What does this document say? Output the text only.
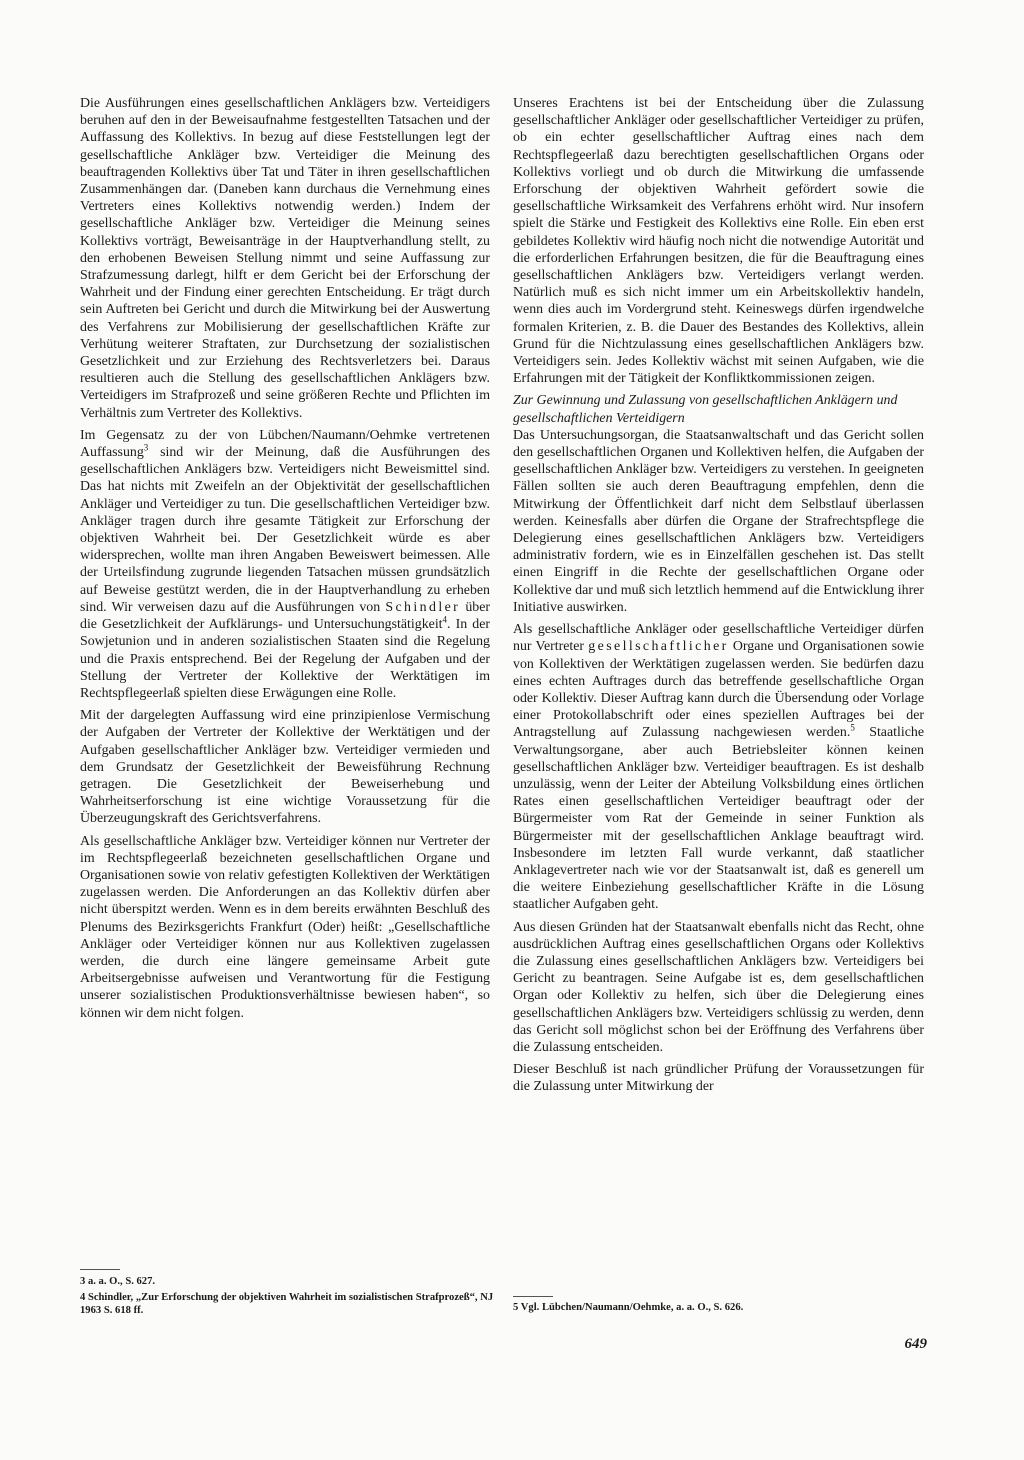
Die Ausführungen eines gesellschaftlichen Anklägers bzw. Verteidigers beruhen auf den in der Beweisaufnahme festgestellten Tatsachen und der Auffassung des Kollektivs. In bezug auf diese Feststellungen legt der gesellschaftliche Ankläger bzw. Verteidiger die Meinung des beauftragenden Kollektivs über Tat und Täter in ihren gesellschaftlichen Zusammenhängen dar. (Daneben kann durchaus die Vernehmung eines Vertreters eines Kollektivs notwendig werden.) Indem der gesellschaftliche Ankläger bzw. Verteidiger die Meinung seines Kollektivs vorträgt, Beweisanträge in der Hauptverhandlung stellt, zu den erhobenen Beweisen Stellung nimmt und seine Auffassung zur Strafzumessung darlegt, hilft er dem Gericht bei der Erforschung der Wahrheit und der Findung einer gerechten Entscheidung. Er trägt durch sein Auftreten bei Gericht und durch die Mitwirkung bei der Auswertung des Verfahrens zur Mobilisierung der gesellschaftlichen Kräfte zur Verhütung weiterer Straftaten, zur Durchsetzung der sozialistischen Gesetzlichkeit und zur Erziehung des Rechtsverletzers bei. Daraus resultieren auch die Stellung des gesellschaftlichen Anklägers bzw. Verteidigers im Strafprozeß und seine größeren Rechte und Pflichten im Verhältnis zum Vertreter des Kollektivs.

Im Gegensatz zu der von Lübchen/Naumann/Oehmke vertretenen Auffassung$^3$ sind wir der Meinung, daß die Ausführungen des gesellschaftlichen Anklägers bzw. Verteidigers nicht Beweismittel sind. Das hat nichts mit Zweifeln an der Objektivität der gesellschaftlichen Ankläger und Verteidiger zu tun. Die gesellschaftlichen Verteidiger bzw. Ankläger tragen durch ihre gesamte Tätigkeit zur Erforschung der objektiven Wahrheit bei. Der Gesetzlichkeit würde es aber widersprechen, wollte man ihren Angaben Beweiswert beimessen. Alle der Urteilsfindung zugrunde liegenden Tatsachen müssen grundsätzlich auf Beweise gestützt werden, die in der Hauptverhandlung zu erheben sind. Wir verweisen dazu auf die Ausführungen von Schindler über die Gesetzlichkeit der Aufklärungs- und Untersuchungstätigkeit$^4$. In der Sowjetunion und in anderen sozialistischen Staaten sind die Regelung und die Praxis entsprechend. Bei der Regelung der Aufgaben und der Stellung der Vertreter der Kollektive der Werktätigen im Rechtspflegeerlaß spielten diese Erwägungen eine Rolle.

Mit der dargelegten Auffassung wird eine prinzipienlose Vermischung der Aufgaben der Vertreter der Kollektive der Werktätigen und der Aufgaben gesellschaftlicher Ankläger bzw. Verteidiger vermieden und dem Grundsatz der Gesetzlichkeit der Beweisführung Rechnung getragen. Die Gesetzlichkeit der Beweiserhebung und Wahrheitserforschung ist eine wichtige Voraussetzung für die Überzeugungskraft des Gerichtsverfahrens.

Als gesellschaftliche Ankläger bzw. Verteidiger können nur Vertreter der im Rechtspflegeerlaß bezeichneten gesellschaftlichen Organe und Organisationen sowie von relativ gefestigten Kollektiven der Werktätigen zugelassen werden. Die Anforderungen an das Kollektiv dürfen aber nicht überspitzt werden. Wenn es in dem bereits erwähnten Beschluß des Plenums des Bezirksgerichts Frankfurt (Oder) heißt: „Gesellschaftliche Ankläger oder Verteidiger können nur aus Kollektiven zugelassen werden, die durch eine längere gemeinsame Arbeit gute Arbeitsergebnisse aufweisen und Verantwortung für die Festigung unserer sozialistischen Produktionsverhältnisse bewiesen haben“, so können wir dem nicht folgen.

Unseres Erachtens ist bei der Entscheidung über die Zulassung gesellschaftlicher Ankläger oder gesellschaftlicher Verteidiger zu prüfen, ob ein echter gesellschaftlicher Auftrag eines nach dem Rechtspflegeerlaß dazu berechtigten gesellschaftlichen Organs oder Kollektivs vorliegt und ob durch die Mitwirkung die umfassende Erforschung der objektiven Wahrheit gefördert sowie die gesellschaftliche Wirksamkeit des Verfahrens erhöht wird. Nur insofern spielt die Stärke und Festigkeit des Kollektivs eine Rolle. Ein eben erst gebildetes Kollektiv wird häufig noch nicht die notwendige Autorität und die erforderlichen Erfahrungen besitzen, die für die Beauftragung eines gesellschaftlichen Anklägers bzw. Verteidigers verlangt werden. Natürlich muß es sich nicht immer um ein Arbeitskollektiv handeln, wenn dies auch im Vordergrund steht. Keineswegs dürfen irgendwelche formalen Kriterien, z. B. die Dauer des Bestandes des Kollektivs, allein Grund für die Nichtzulassung eines gesellschaftlichen Anklägers bzw. Verteidigers sein. Jedes Kollektiv wächst mit seinen Aufgaben, wie die Erfahrungen mit der Tätigkeit der Konfliktkommissionen zeigen.

Zur Gewinnung und Zulassung von gesellschaftlichen Anklägern und gesellschaftlichen Verteidigern

Das Untersuchungsorgan, die Staatsanwaltschaft und das Gericht sollen den gesellschaftlichen Organen und Kollektiven helfen, die Aufgaben der gesellschaftlichen Ankläger bzw. Verteidigers zu verstehen. In geeigneten Fällen sollten sie auch deren Beauftragung empfehlen, denn die Mitwirkung der Öffentlichkeit darf nicht dem Selbstlauf überlassen werden. Keinesfalls aber dürfen die Organe der Strafrechtspflege die Delegierung eines gesellschaftlichen Anklägers bzw. Verteidigers administrativ fordern, wie es in Einzelfällen geschehen ist. Das stellt einen Eingriff in die Rechte der gesellschaftlichen Organe oder Kollektive dar und muß sich letztlich hemmend auf die Entwicklung ihrer Initiative auswirken.

Als gesellschaftliche Ankläger oder gesellschaftliche Verteidiger dürfen nur Vertreter gesellschaftlicher Organe und Organisationen sowie von Kollektiven der Werktätigen zugelassen werden. Sie bedürfen dazu eines echten Auftrages durch das betreffende gesellschaftliche Organ oder Kollektiv. Dieser Auftrag kann durch die Übersendung oder Vorlage einer Protokollabschrift oder eines speziellen Auftrages bei der Antragstellung auf Zulassung nachgewiesen werden.$^5$ Staatliche Verwaltungsorgane, aber auch Betriebsleiter können keinen gesellschaftlichen Ankläger bzw. Verteidiger beauftragen. Es ist deshalb unzulässig, wenn der Leiter der Abteilung Volksbildung eines örtlichen Rates einen gesellschaftlichen Verteidiger beauftragt oder der Bürgermeister vom Rat der Gemeinde in seiner Funktion als Bürgermeister mit der gesellschaftlichen Anklage beauftragt wird. Insbesondere im letzten Fall wurde verkannt, daß staatlicher Anklagevertreter nach wie vor der Staatsanwalt ist, daß es generell um die weitere Einbeziehung gesellschaftlicher Kräfte in die Lösung staatlicher Aufgaben geht.

Aus diesen Gründen hat der Staatsanwalt ebenfalls nicht das Recht, ohne ausdrücklichen Auftrag eines gesellschaftlichen Organs oder Kollektivs die Zulassung eines gesellschaftlichen Anklägers bzw. Verteidigers bei Gericht zu beantragen. Seine Aufgabe ist es, dem gesellschaftlichen Organ oder Kollektiv zu helfen, sich über die Delegierung eines gesellschaftlichen Anklägers bzw. Verteidigers schlüssig zu werden, denn das Gericht soll möglichst schon bei der Eröffnung des Verfahrens über die Zulassung entscheiden.

Dieser Beschluß ist nach gründlicher Prüfung der Voraussetzungen für die Zulassung unter Mitwirkung der

3 a. a. O., S. 627.

4 Schindler, „Zur Erforschung der objektiven Wahrheit im sozialistischen Strafprozeß“, NJ 1963 S. 618 ff.	5 Vgl. Lübchen/Naumann/Oehmke, a. a. O., S. 626.

649
